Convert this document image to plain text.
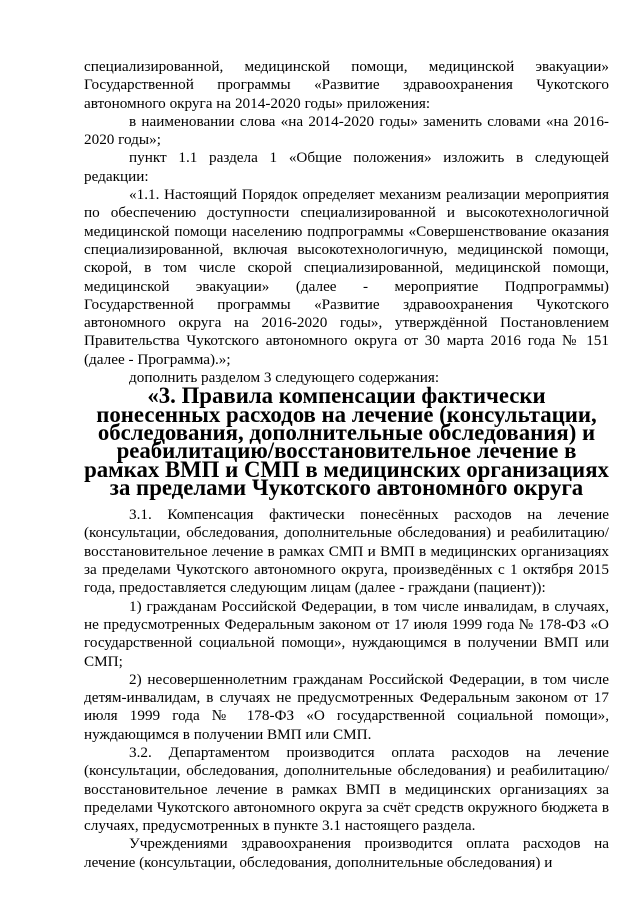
специализированной, медицинской помощи, медицинской эвакуации» Государственной программы «Развитие здравоохранения Чукотского автономного округа на 2014-2020 годы» приложения:

в наименовании слова «на 2014-2020 годы» заменить словами «на 2016-2020 годы»;

пункт 1.1 раздела 1 «Общие положения» изложить в следующей редакции:

«1.1. Настоящий Порядок определяет механизм реализации мероприятия по обеспечению доступности специализированной и высокотехнологичной медицинской помощи населению подпрограммы «Совершенствование оказания специализированной, включая высокотехнологичную, медицинской помощи, скорой, в том числе скорой специализированной, медицинской помощи, медицинской эвакуации» (далее - мероприятие Подпрограммы) Государственной программы «Развитие здравоохранения Чукотского автономного округа на 2016-2020 годы», утверждённой Постановлением Правительства Чукотского автономного округа от 30 марта 2016 года № 151 (далее - Программа).»;

дополнить разделом 3 следующего содержания:

«3. Правила компенсации фактически понесенных расходов на лечение (консультации, обследования, дополнительные обследования) и реабилитацию/восстановительное лечение в рамках ВМП и СМП в медицинских организациях за пределами Чукотского автономного округа

3.1. Компенсация фактически понесённых расходов на лечение (консультации, обследования, дополнительные обследования) и реабилитацию/восстановительное лечение в рамках СМП и ВМП в медицинских организациях за пределами Чукотского автономного округа, произведённых с 1 октября 2015 года, предоставляется следующим лицам (далее - граждани (пациент)):

1) гражданам Российской Федерации, в том числе инвалидам, в случаях, не предусмотренных Федеральным законом от 17 июля 1999 года № 178-ФЗ «О государственной социальной помощи», нуждающимся в получении ВМП или СМП;

2) несовершеннолетним гражданам Российской Федерации, в том числе детям-инвалидам, в случаях не предусмотренных Федеральным законом от 17 июля 1999 года № 178-ФЗ «О государственной социальной помощи», нуждающимся в получении ВМП или СМП.

3.2. Департаментом производится оплата расходов на лечение (консультации, обследования, дополнительные обследования) и реабилитацию/восстановительное лечение в рамках ВМП в медицинских организациях за пределами Чукотского автономного округа за счёт средств окружного бюджета в случаях, предусмотренных в пункте 3.1 настоящего раздела.

Учреждениями здравоохранения производится оплата расходов на лечение (консультации, обследования, дополнительные обследования) и
